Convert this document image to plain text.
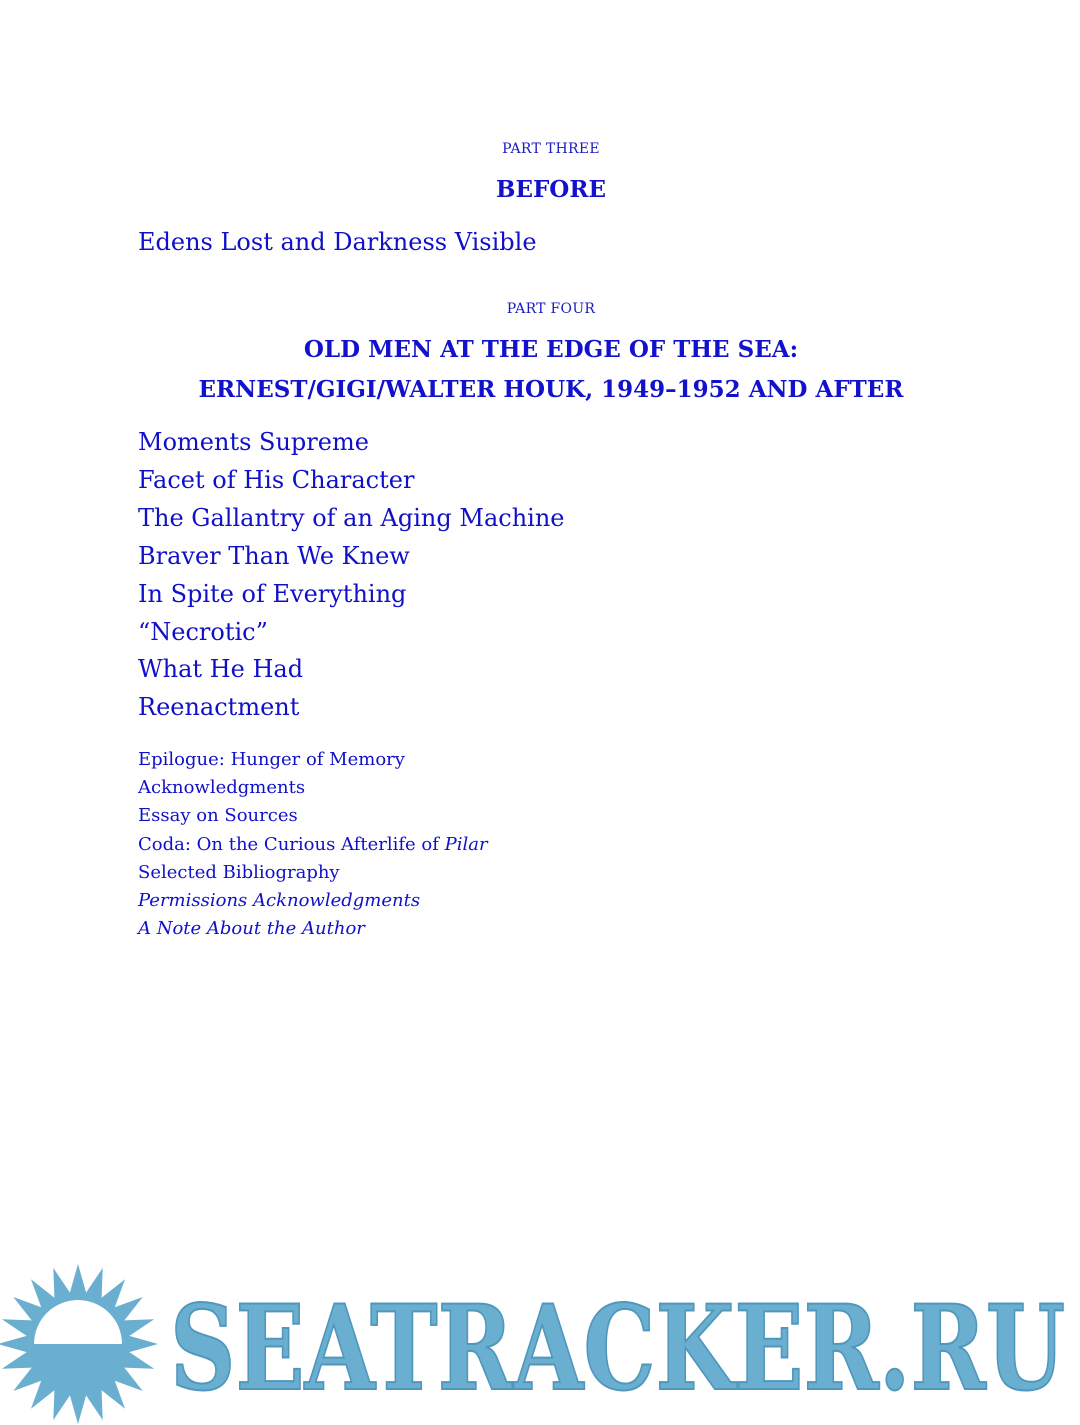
PART THREE
BEFORE
Edens Lost and Darkness Visible
PART FOUR
OLD MEN AT THE EDGE OF THE SEA:
ERNEST/GIGI/WALTER HOUK, 1949–1952 AND AFTER
Moments Supreme
Facet of His Character
The Gallantry of an Aging Machine
Braver Than We Knew
In Spite of Everything
“Necrotic”
What He Had
Reenactment
Epilogue: Hunger of Memory
Acknowledgments
Essay on Sources
Coda: On the Curious Afterlife of Pilar
Selected Bibliography
Permissions Acknowledgments
A Note About the Author
SEATRACKER.RU
